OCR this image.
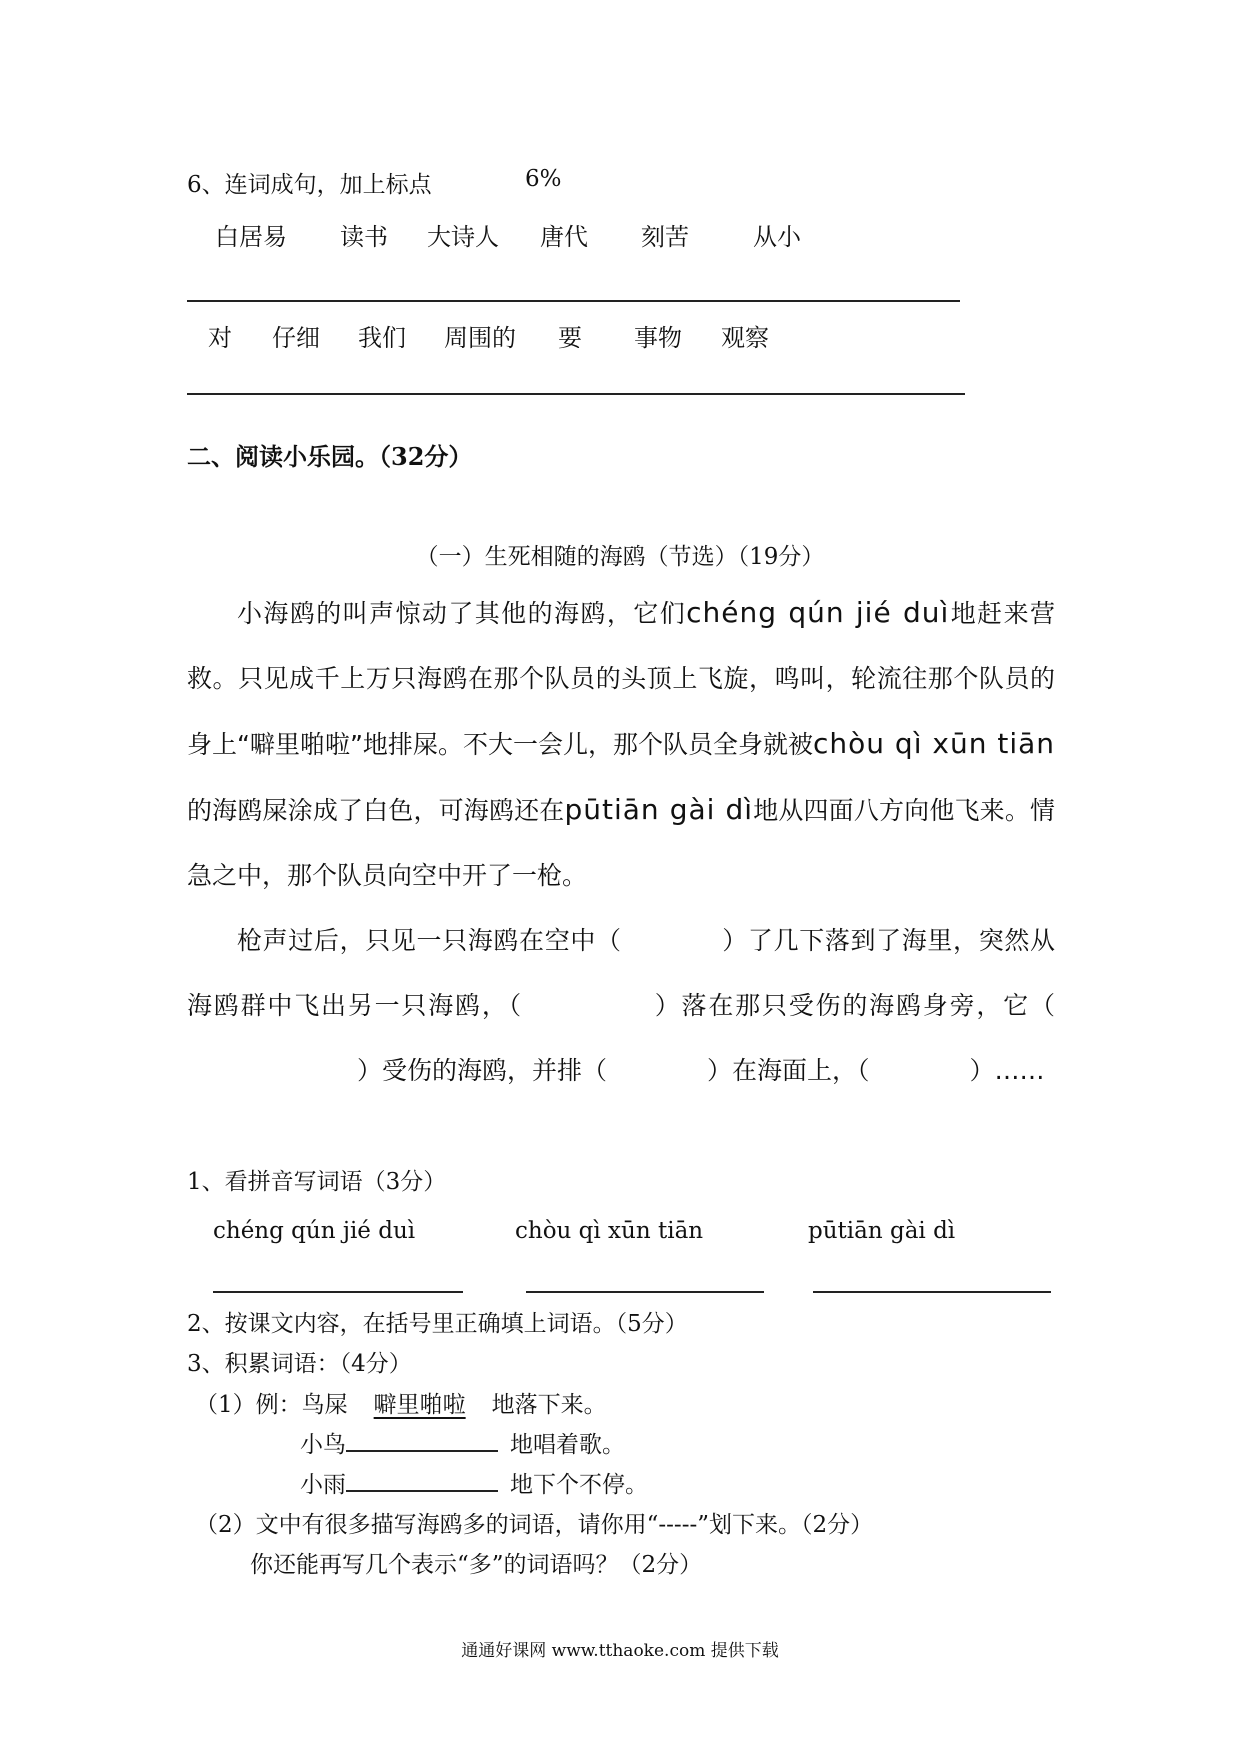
6、连词成句，加上标点	6%
白居易 读书 大诗人 唐代 刻苦	从小
对 仔细 我们 周围的 要 事物 观察
二、阅读小乐园。（32分）
（一）生死相随的海鸥（节选）（19分）

小海鸥的叫声惊动了其他的海鸥，它们chéng qún jié duì地赶来营救。只见成千上万只海鸥在那个队员的头顶上飞旋，鸣叫，轮流往那个队员的身上“噼里啪啦”地排屎。不大一会儿，那个队员全身就被chòu qì xūn tiān的海鸥屎涂成了白色，可海鸥还在pūtiān gài dì地从四面八方向他飞来。情急之中，那个队员向空中开了一枪。

枪声过后，只见一只海鸥在空中（	）了几下落到了海里，突然从海鸥群中飞出另一只海鸥，（	）落在那只受伤的海鸥身旁，它（）受伤的海鸥，并排（	）在海面上，（	）……

1、看拼音写词语（3分）
chéng qún jié duì	chòu qì xūn tiān	pūtiān gài dì
2、按课文内容，在括号里正确填上词语。（5分）
3、积累词语：（4分）
（1）例：鸟屎 噼里啪啦 地落下来。
小鸟	地唱着歌。
小雨	地下个不停。
（2）文中有很多描写海鸥多的词语，请你用“-----”划下来。（2分）
你还能再写几个表示“多”的词语吗？（2分）
通通好课网 www.tthaoke.com 提供下载
